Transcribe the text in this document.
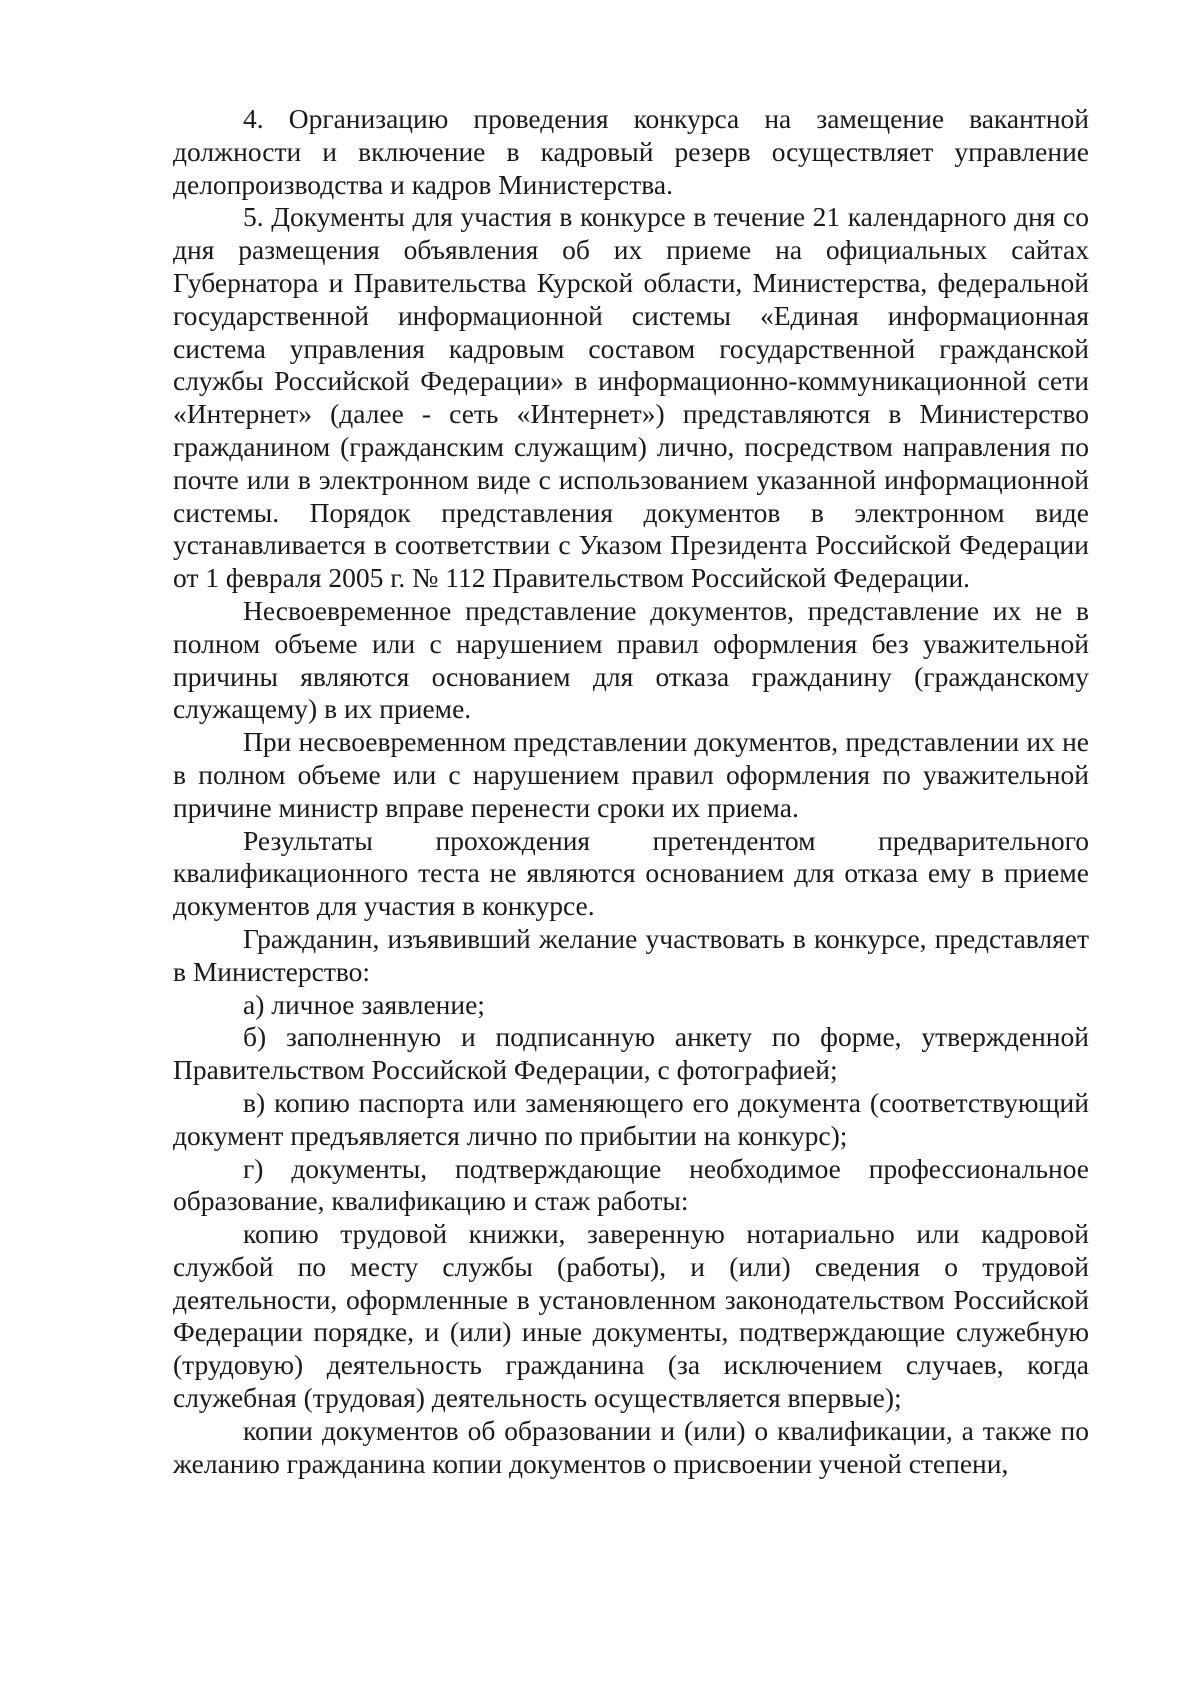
4. Организацию проведения конкурса на замещение вакантной должности и включение в кадровый резерв осуществляет управление делопроизводства и кадров Министерства.

5. Документы для участия в конкурсе в течение 21 календарного дня со дня размещения объявления об их приеме на официальных сайтах Губернатора и Правительства Курской области, Министерства, федеральной государственной информационной системы «Единая информационная система управления кадровым составом государственной гражданской службы Российской Федерации» в информационно-коммуникационной сети «Интернет» (далее - сеть «Интернет») представляются в Министерство гражданином (гражданским служащим) лично, посредством направления по почте или в электронном виде с использованием указанной информационной системы. Порядок представления документов в электронном виде устанавливается в соответствии с Указом Президента Российской Федерации от 1 февраля 2005 г. № 112 Правительством Российской Федерации.

Несвоевременное представление документов, представление их не в полном объеме или с нарушением правил оформления без уважительной причины являются основанием для отказа гражданину (гражданскому служащему) в их приеме.

При несвоевременном представлении документов, представлении их не в полном объеме или с нарушением правил оформления по уважительной причине министр вправе перенести сроки их приема.

Результаты прохождения претендентом предварительного квалификационного теста не являются основанием для отказа ему в приеме документов для участия в конкурсе.

Гражданин, изъявивший желание участвовать в конкурсе, представляет в Министерство:

а) личное заявление;

б) заполненную и подписанную анкету по форме, утвержденной Правительством Российской Федерации, с фотографией;

в) копию паспорта или заменяющего его документа (соответствующий документ предъявляется лично по прибытии на конкурс);

г) документы, подтверждающие необходимое профессиональное образование, квалификацию и стаж работы:

копию трудовой книжки, заверенную нотариально или кадровой службой по месту службы (работы), и (или) сведения о трудовой деятельности, оформленные в установленном законодательством Российской Федерации порядке, и (или) иные документы, подтверждающие служебную (трудовую) деятельность гражданина (за исключением случаев, когда служебная (трудовая) деятельность осуществляется впервые);

копии документов об образовании и (или) о квалификации, а также по желанию гражданина копии документов о присвоении ученой степени,
